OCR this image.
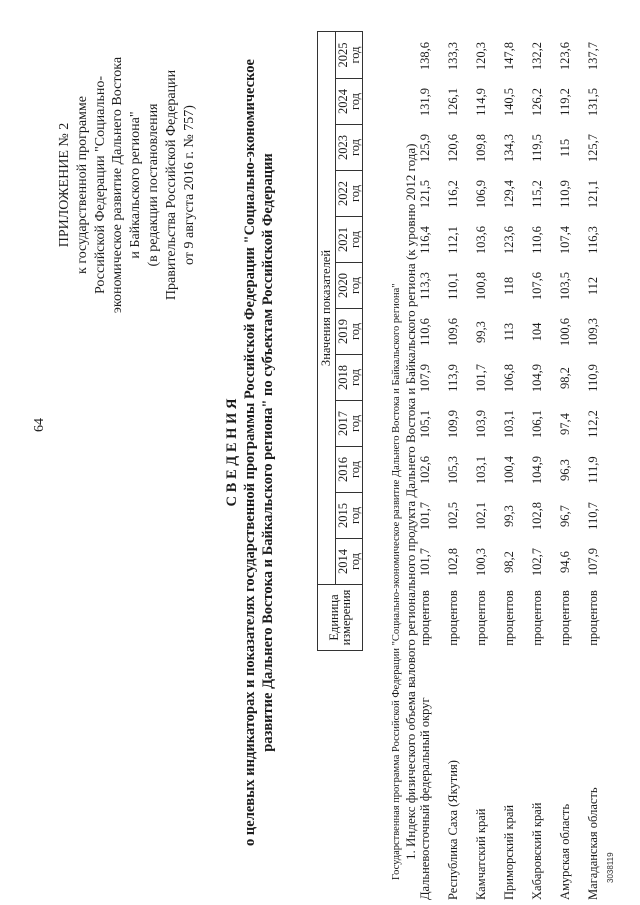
64
ПРИЛОЖЕНИЕ № 2 к государственной программе Российской Федерации "Социально- экономическое развитие Дальнего Востока и Байкальского региона" (в редакции постановления Правительства Российской Федерации от 9 августа 2016 г. № 757)
С В Е Д Е Н И Я о целевых индикаторах и показателях государственной программы Российской Федерации "Социально-экономическое развитие Дальнего Востока и Байкальского региона" по субъектам Российской Федерации	Единица измерения
Значения показателей
2014
год
2015
год
2016
год
2017
год
2018
год
2019
год
2020
год
2021
год
2022
год
2023
год
2024
год
2025
год
Государственная программа Российской Федерации "Социально-экономическое развитие Дальнего Востока и Байкальского региона" 1. Индекс физического объема валового регионального продукта Дальнего Востока и Байкальского региона (к уровню 2012 года) Дальневосточный федеральный округ
процентов
101,7
101,7
102,6
105,1
107,9
110,6
113,3
116,4
121,5
125,9
131,9
138,6
Республика Саха (Якутия)
процентов
102,8
102,5
105,3
109,9
113,9
109,6
110,1
112,1
116,2
120,6
126,1
133,3
Камчатский край
процентов
100,3
102,1
103,1
103,9
101,7
99,3
100,8
103,6
106,9
109,8
114,9
120,3
Приморский край
процентов
98,2
99,3
100,4
103,1
106,8
113
118
123,6
129,4
134,3
140,5
147,8
Хабаровский край
процентов
102,7
102,8
104,9
106,1
104,9
104
107,6
110,6
115,2
119,5
126,2
132,2
Амурская область
процентов
94,6
96,7
96,3
97,4
98,2
100,6
103,5
107,4
110,9
115
119,2
123,6
Магаданская область
процентов
107,9
110,7
111,9
112,2
110,9
109,3
112
116,3
121,1
125,7
131,5
137,7
3038119
